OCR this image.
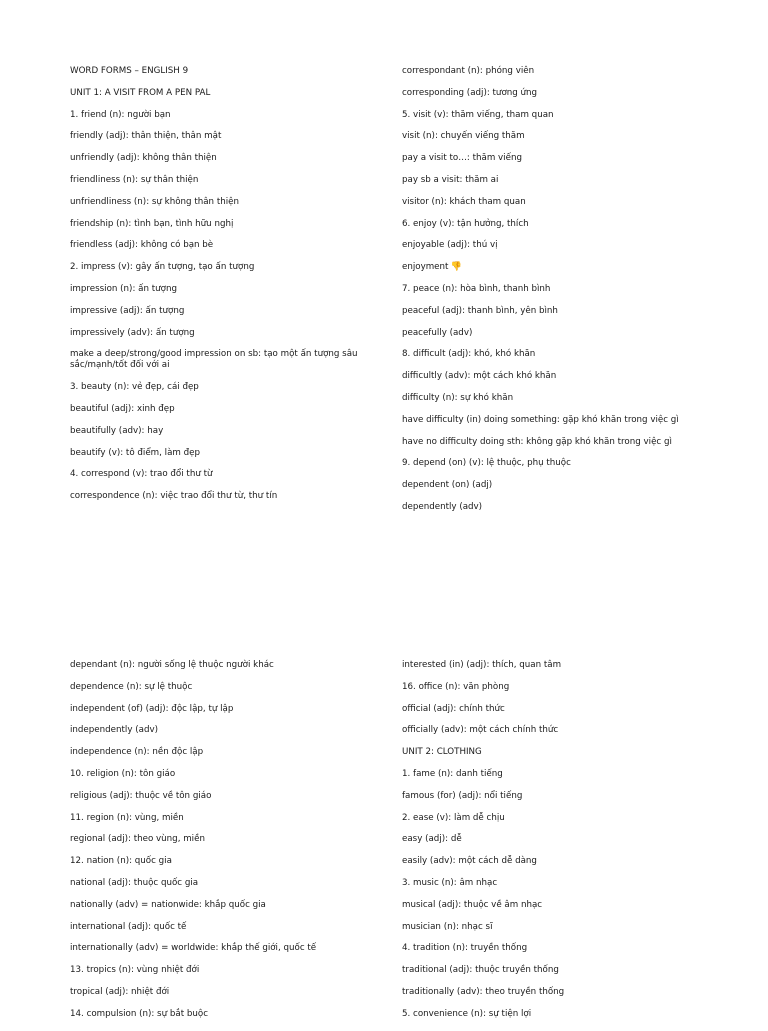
WORD FORMS – ENGLISH 9
UNIT 1: A VISIT FROM A PEN PAL
1. friend (n): người bạn
friendly (adj): thân thiện, thân mật
unfriendly (adj): không thân thiện
friendliness (n): sự thân thiện
unfriendliness (n): sự không thân thiện
friendship (n): tình bạn, tình hữu nghị
friendless (adj): không có bạn bè
2. impress (v): gây ấn tượng, tạo ấn tượng
impression (n): ấn tượng
impressive (adj): ấn tượng
impressively (adv): ấn tượng
make a deep/strong/good impression on sb: tạo một ấn tượng sâu sắc/mạnh/tốt đối với ai
3. beauty (n): vẻ đẹp, cái đẹp
beautiful (adj): xinh đẹp
beautifully (adv): hay
beautify (v): tô điểm, làm đẹp
4. correspond (v): trao đổi thư từ
correspondence (n): việc trao đổi thư từ, thư tín
correspondant (n): phóng viên
corresponding (adj): tương ứng
5. visit (v): thăm viếng, tham quan
visit (n): chuyến viếng thăm
pay a visit to…: thăm viếng
pay sb a visit: thăm ai
visitor (n): khách tham quan
6. enjoy (v): tận hưởng, thích
enjoyable (adj): thú vị
enjoyment 👎
7. peace (n): hòa bình, thanh bình
peaceful (adj): thanh bình, yên bình
peacefully (adv)
8. difficult (adj): khó, khó khăn
difficultly (adv): một cách khó khăn
difficulty (n): sự khó khăn
have difficulty (in) doing something: gặp khó khăn trong việc gì
have no difficulty doing sth: không gặp khó khăn trong việc gì
9. depend (on) (v): lệ thuộc, phụ thuộc
dependent (on) (adj)
dependently (adv)
dependant (n): người sống lệ thuộc người khác
dependence (n): sự lệ thuộc
independent (of) (adj): độc lập, tự lập
independently (adv)
independence (n): nền độc lập
10. religion (n): tôn giáo
religious (adj): thuộc về tôn giáo
11. region (n): vùng, miền
regional (adj): theo vùng, miền
12. nation (n): quốc gia
national (adj): thuộc quốc gia
nationally (adv) = nationwide: khắp quốc gia
international (adj): quốc tế
internationally (adv) = worldwide: khắp thế giới, quốc tế
13. tropics (n): vùng nhiệt đới
tropical (adj): nhiệt đới
14. compulsion (n): sự bắt buộc
interested (in) (adj): thích, quan tâm
16. office (n): văn phòng
official (adj): chính thức
officially (adv): một cách chính thức
UNIT 2: CLOTHING
1. fame (n): danh tiếng
famous (for) (adj): nổi tiếng
2. ease (v): làm dễ chịu
easy (adj): dễ
easily (adv): một cách dễ dàng
3. music (n): âm nhạc
musical (adj): thuộc về âm nhạc
musician (n): nhạc sĩ
4. tradition (n): truyền thống
traditional (adj): thuộc truyền thống
traditionally (adv): theo truyền thống
5. convenience (n): sự tiện lợi
